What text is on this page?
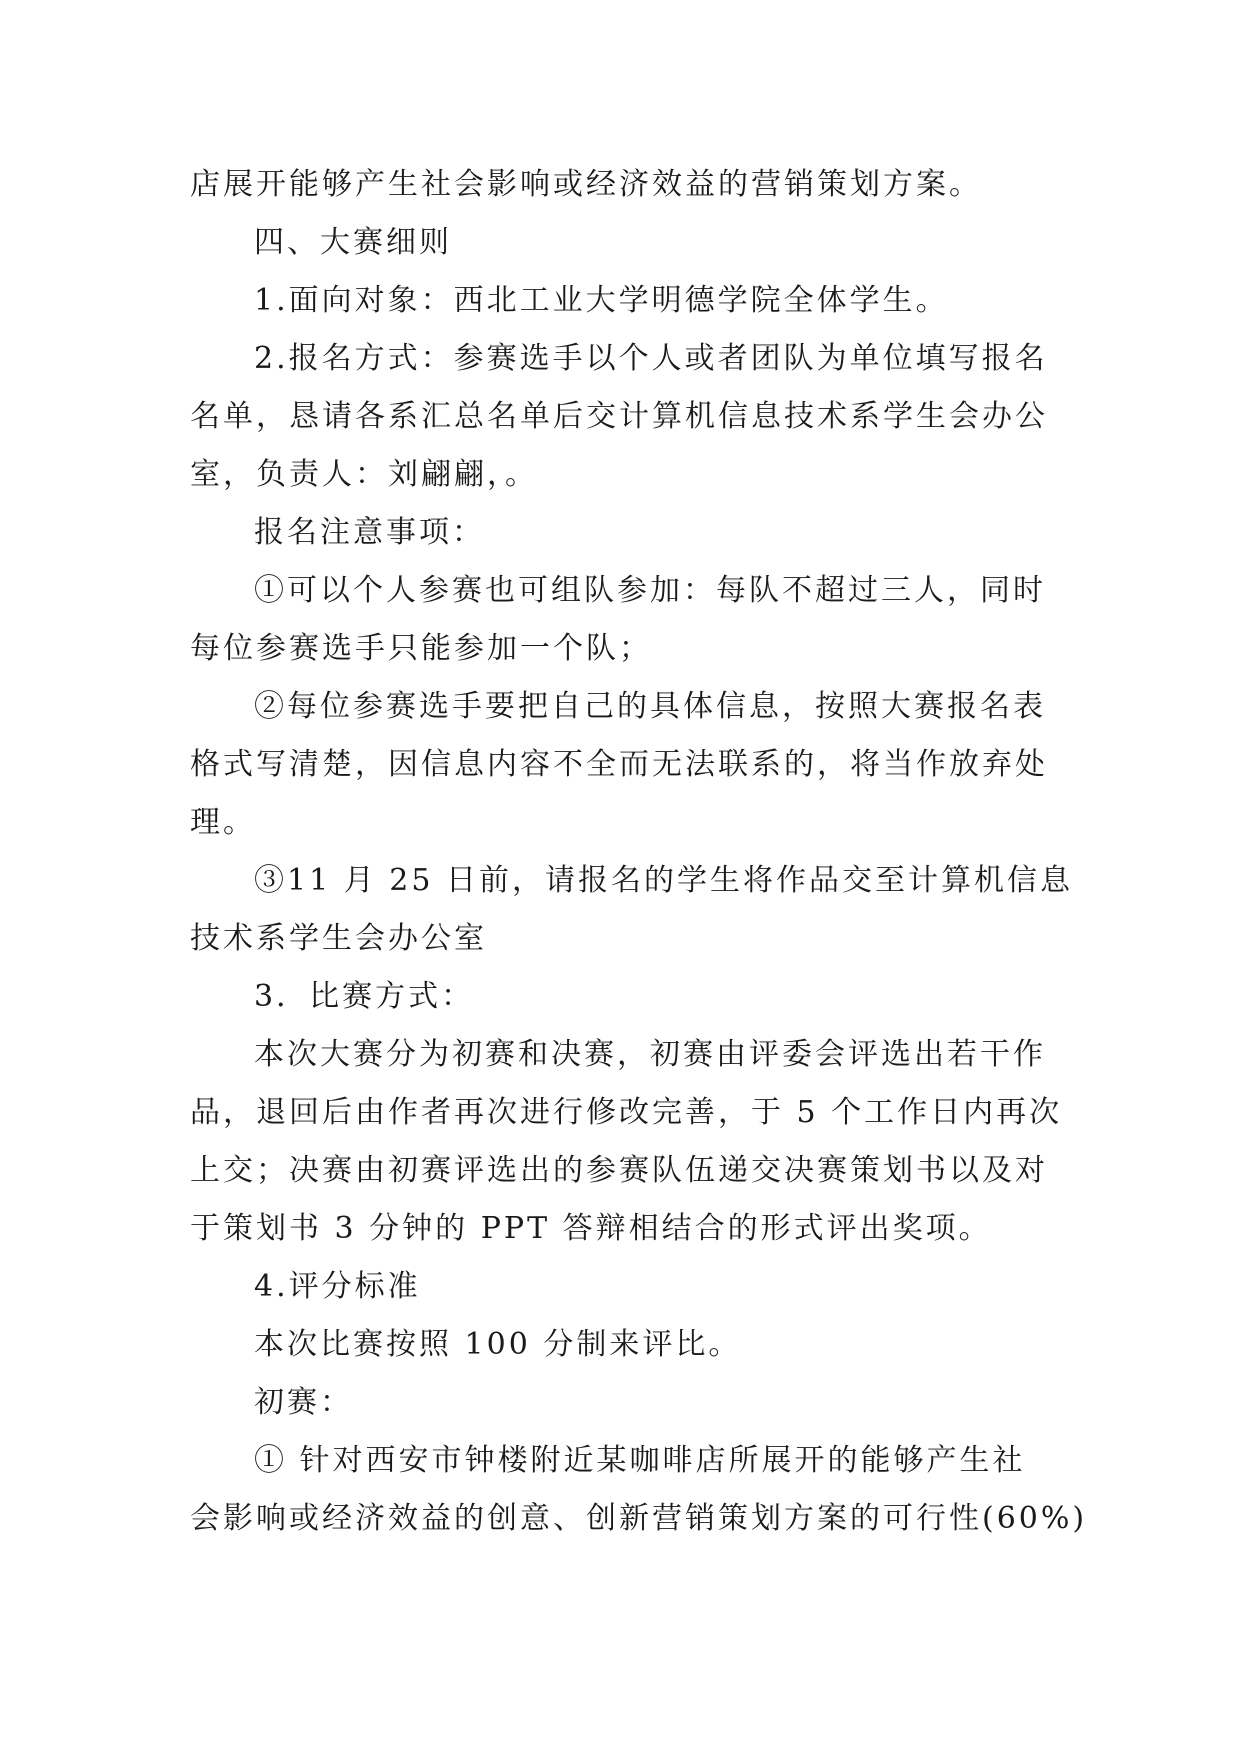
店展开能够产生社会影响或经济效益的营销策划方案。
四、大赛细则
1.面向对象：西北工业大学明德学院全体学生。
2.报名方式：参赛选手以个人或者团队为单位填写报名
名单，恳请各系汇总名单后交计算机信息技术系学生会办公
室，负责人：刘翩翩，。
报名注意事项：
①可以个人参赛也可组队参加：每队不超过三人，同时
每位参赛选手只能参加一个队；
②每位参赛选手要把自己的具体信息，按照大赛报名表
格式写清楚，因信息内容不全而无法联系的，将当作放弃处
理。
③11 月 25 日前，请报名的学生将作品交至计算机信息
技术系学生会办公室
3．比赛方式：
本次大赛分为初赛和决赛，初赛由评委会评选出若干作
品，退回后由作者再次进行修改完善，于 5 个工作日内再次
上交；决赛由初赛评选出的参赛队伍递交决赛策划书以及对
于策划书 3 分钟的 PPT 答辩相结合的形式评出奖项。
4.评分标准
本次比赛按照 100 分制来评比。
初赛：
① 针对西安市钟楼附近某咖啡店所展开的能够产生社
会影响或经济效益的创意、创新营销策划方案的可行性(60%)
